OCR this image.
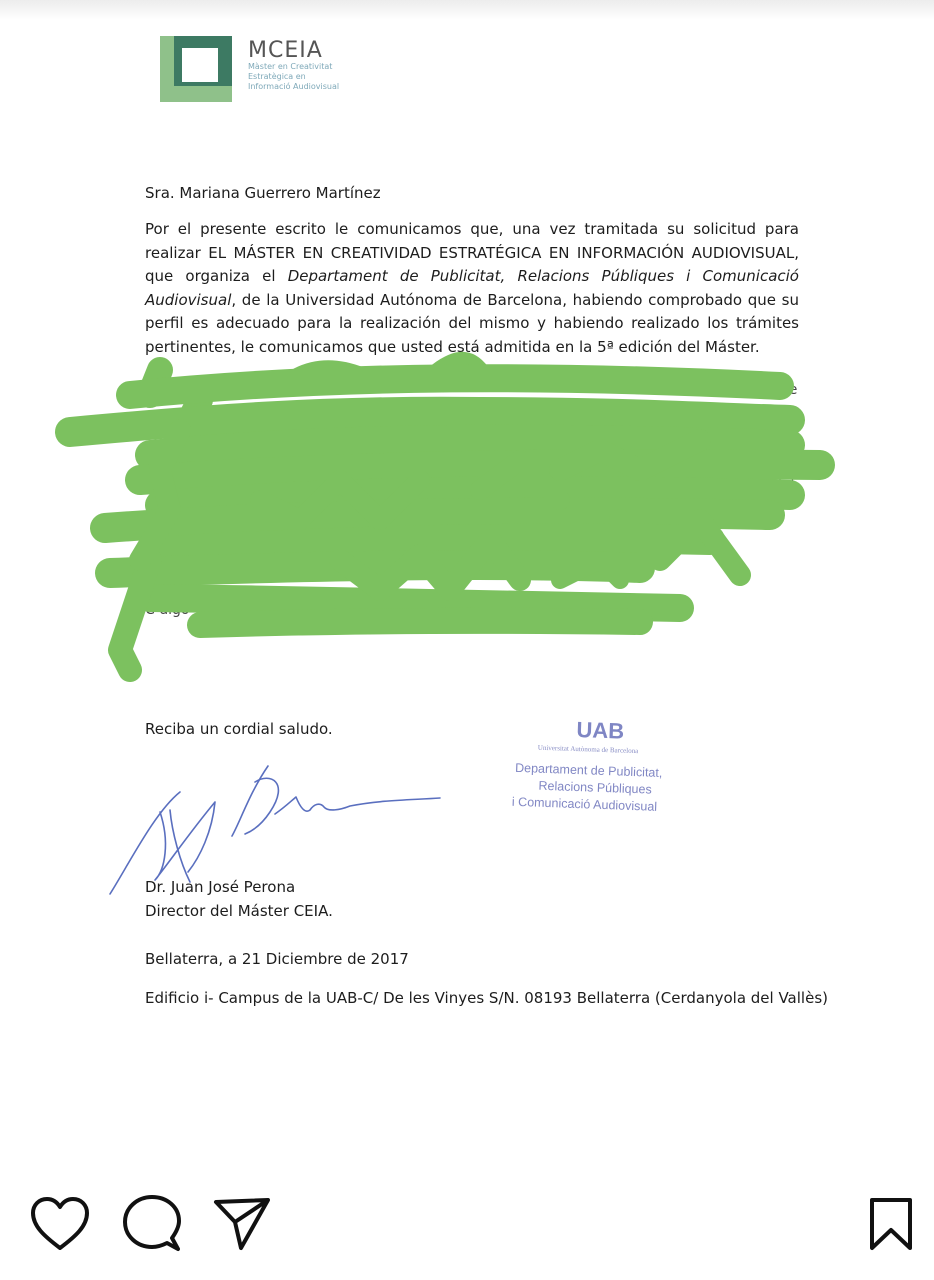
MCEIA
Màster en Creativitat
Estratègica en
Informació Audiovisual
Sra. Mariana Guerrero Martínez
Por el presente escrito le comunicamos que, una vez tramitada su solicitud para realizar EL MÁSTER EN CREATIVIDAD ESTRATÉGICA EN INFORMACIÓN AUDIOVISUAL, que organiza el Departament de Publicitat, Relacions Públiques i Comunicació Audiovisual, de la Universidad Autónoma de Barcelona, habiendo comprobado que su perfil es adecuado para la realización del mismo y habiendo realizado los trámites pertinentes, le comunicamos que usted está admitida en la 5ª edición del Máster.
que
s
o del
C digo
Reciba un cordial saludo.
Dr. Juan José Perona
Director del Máster CEIA.
Bellaterra, a 21 Diciembre de 2017
Edificio i- Campus de la UAB-C/ De les Vinyes S/N. 08193 Bellaterra (Cerdanyola del Vallès)
UAB
Universitat Autònoma de Barcelona
Departament de Publicitat,
Relacions Públiques
i Comunicació Audiovisual
